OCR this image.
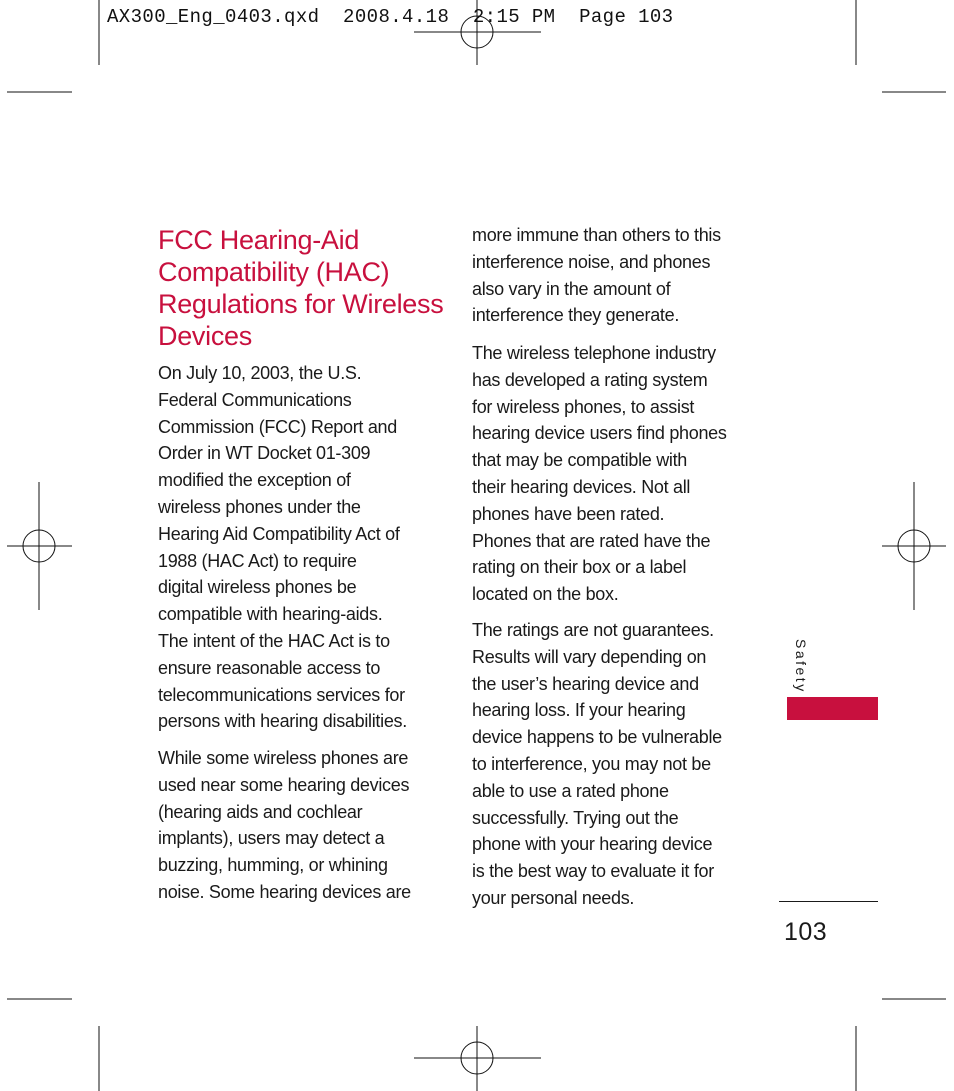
AX300_Eng_0403.qxd  2008.4.18  2:15 PM  Page 103
FCC Hearing-Aid Compatibility (HAC) Regulations for Wireless Devices

On July 10, 2003, the U.S.
Federal Communications
Commission (FCC) Report and
Order in WT Docket 01-309
modified the exception of
wireless phones under the
Hearing Aid Compatibility Act of
1988 (HAC Act) to require
digital wireless phones be
compatible with hearing-aids.
The intent of the HAC Act is to
ensure reasonable access to
telecommunications services for
persons with hearing disabilities.

While some wireless phones are
used near some hearing devices
(hearing aids and cochlear
implants), users may detect a
buzzing, humming, or whining
noise. Some hearing devices are

more immune than others to this
interference noise, and phones
also vary in the amount of
interference they generate.

The wireless telephone industry
has developed a rating system
for wireless phones, to assist
hearing device users find phones
that may be compatible with
their hearing devices. Not all
phones have been rated.
Phones that are rated have the
rating on their box or a label
located on the box.

The ratings are not guarantees.
Results will vary depending on
the user’s hearing device and
hearing loss. If your hearing
device happens to be vulnerable
to interference, you may not be
able to use a rated phone
successfully. Trying out the
phone with your hearing device
is the best way to evaluate it for
your personal needs.

Safety
103
